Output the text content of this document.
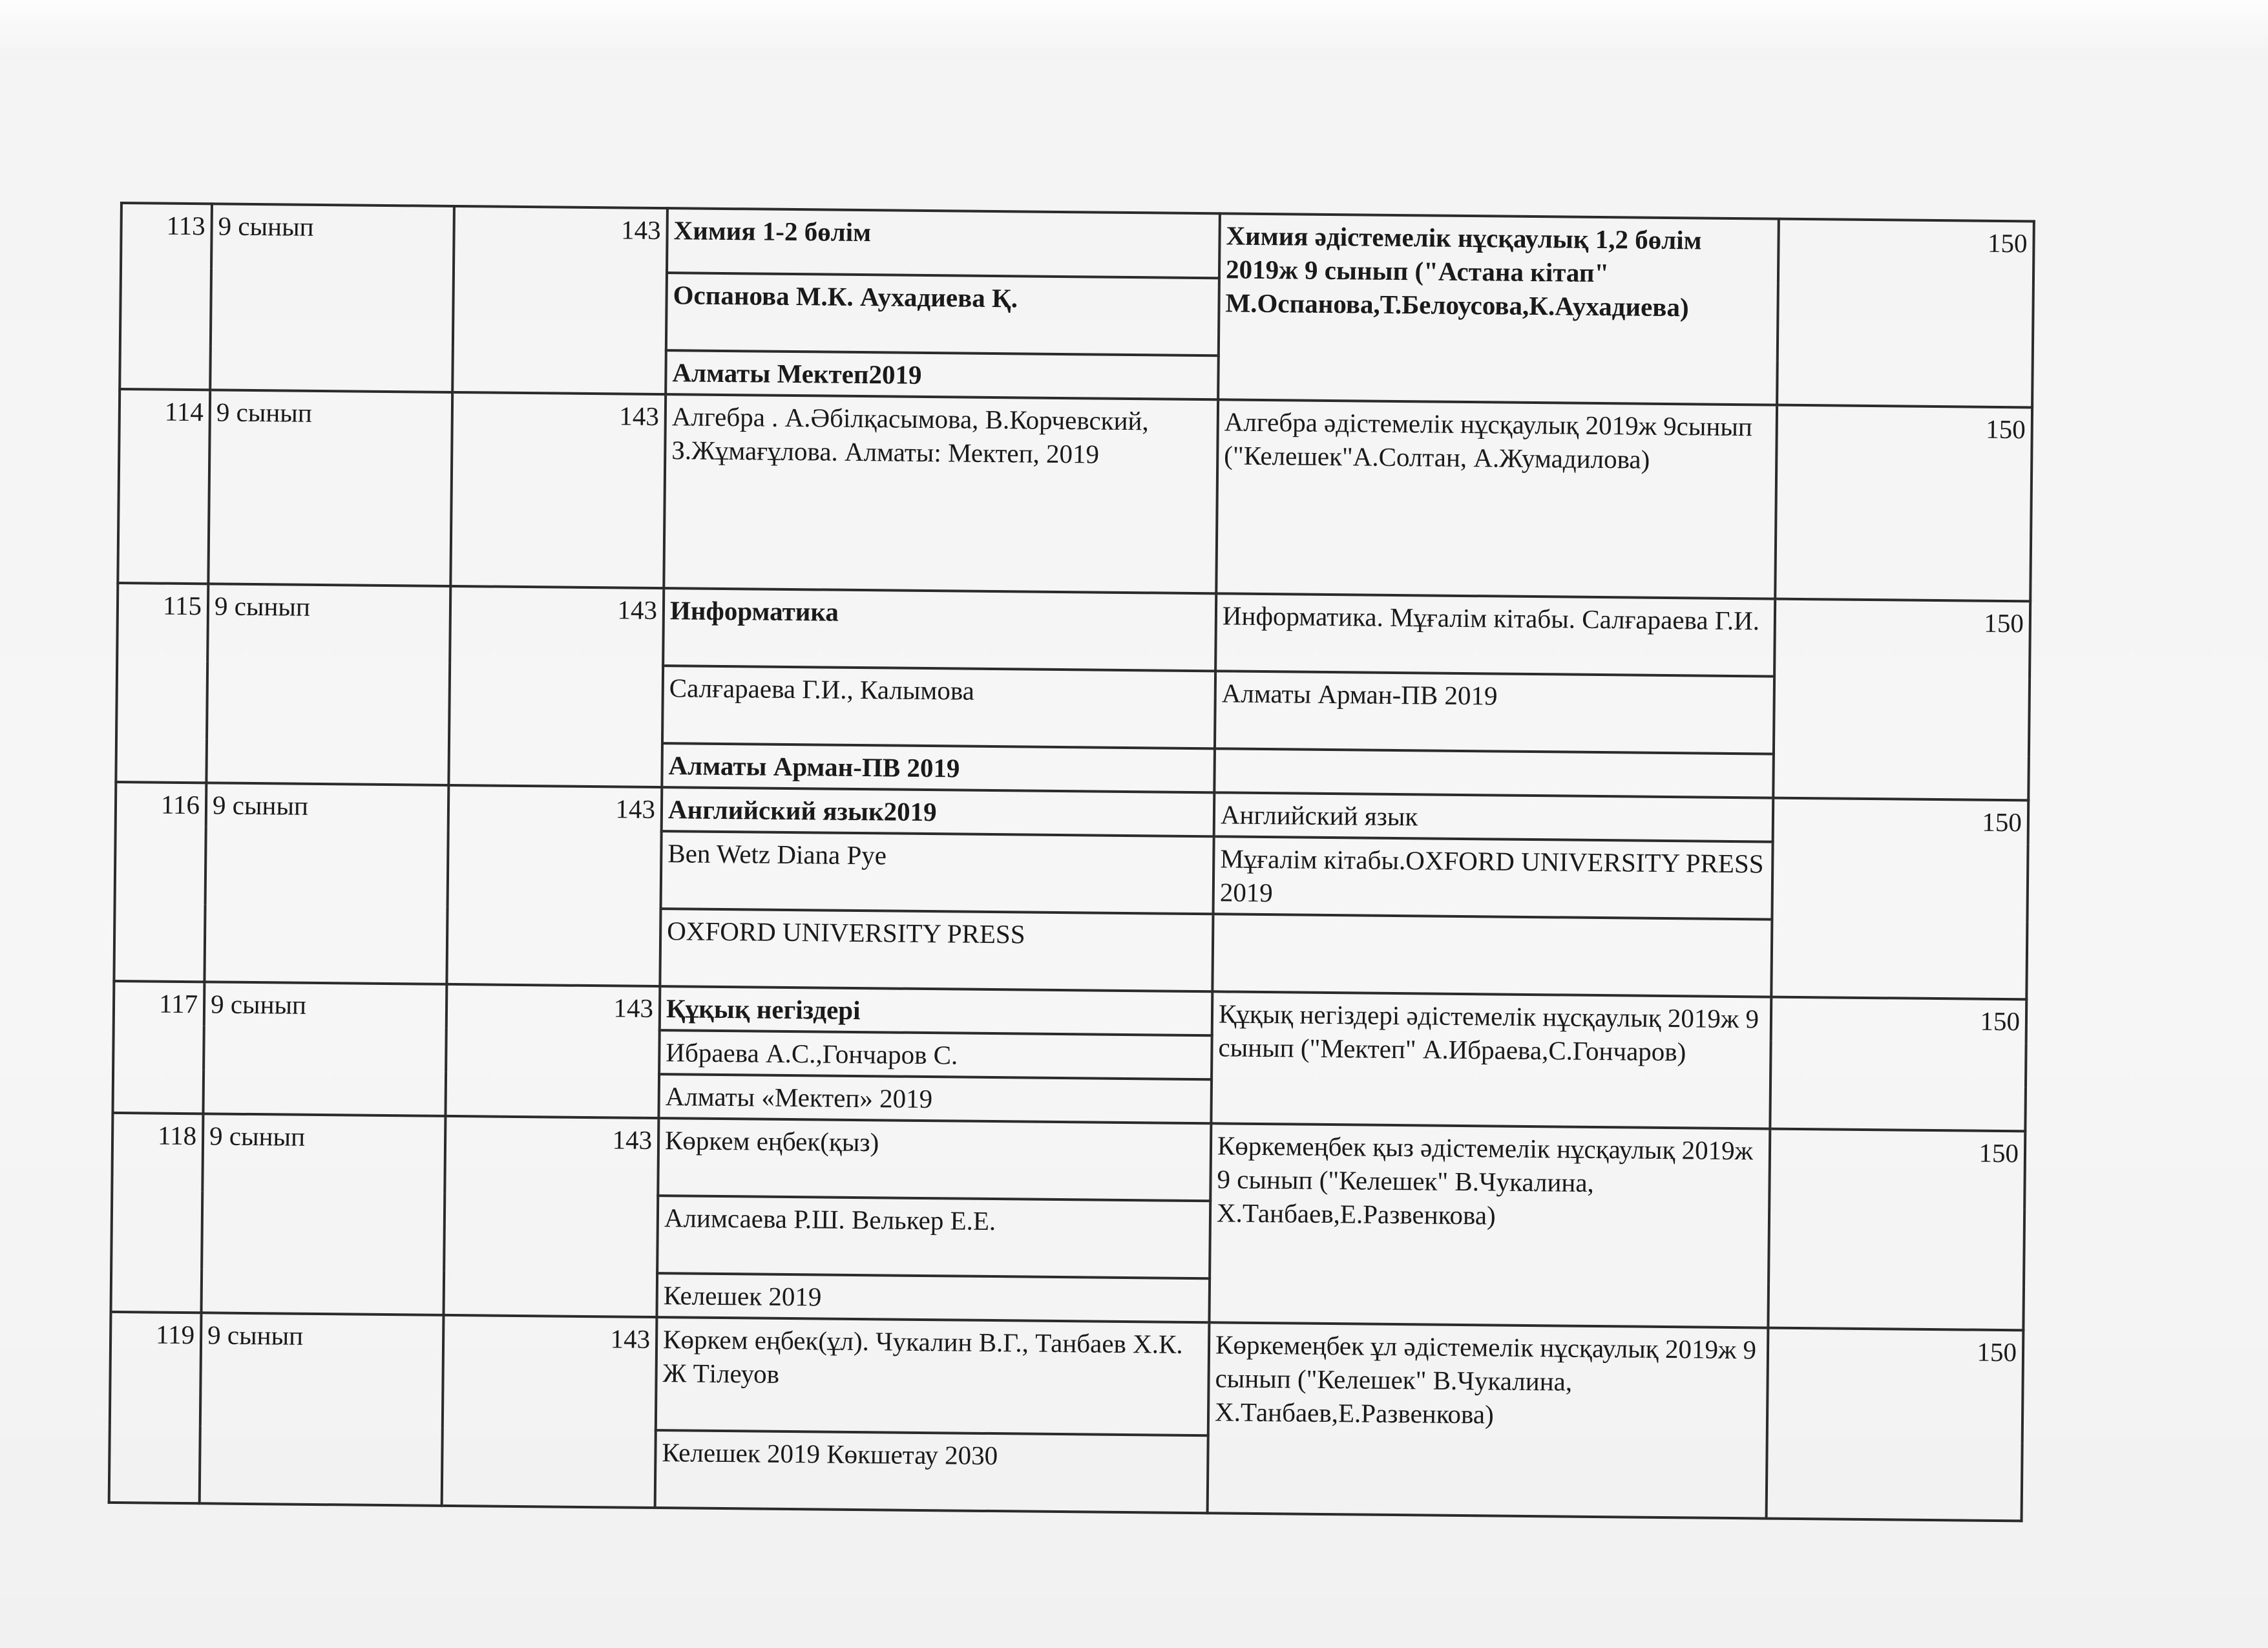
113	9 сынып	143	Химия 1-2 бөлім	Химия әдістемелік нұсқаулық 1,2 бөлім 2019ж 9 сынып ("Астана кітап" М.Оспанова,Т.Белоусова,К.Аухадиева)	150
			Оспанова М.К. Аухадиева Қ.		
			Алматы Мектеп2019		
114	9 сынып	143	Алгебра . А.Әбілқасымова, В.Корчевский, З.Жұмағұлова. Алматы: Мектеп, 2019	Алгебра әдістемелік нұсқаулық 2019ж 9сынып ("Келешек"А.Солтан, А.Жумадилова)	150
115	9 сынып	143	Информатика	Информатика. Мұғалім кітабы. Салғараева Г.И.	150
			Салғараева Г.И., Калымова	Алматы Арман-ПВ 2019	
			Алматы Арман-ПВ 2019		
116	9 сынып	143	Английский язык2019	Английский язык	150
			Ben Wetz Diana Pye	Мұғалім кітабы.OXFORD UNIVERSITY PRESS 2019	
			OXFORD UNIVERSITY PRESS		
117	9 сынып	143	Құқық негіздері	Құқық негіздері әдістемелік нұсқаулық 2019ж 9 сынып ("Мектеп" А.Ибраева,С.Гончаров)	150
			Ибраева А.С.,Гончаров С.		
			Алматы «Мектеп» 2019		
118	9 сынып	143	Көркем еңбек(қыз)	Көркемеңбек қыз әдістемелік нұсқаулық 2019ж 9 сынып ("Келешек" В.Чукалина, Х.Танбаев,Е.Развенкова)	150
			Алимсаева Р.Ш. Велькер Е.Е.		
			Келешек 2019		
119	9 сынып	143	Көркем еңбек(ұл). Чукалин В.Г., Танбаев Х.К. Ж Тілеуов	Көркемеңбек ұл әдістемелік нұсқаулық 2019ж 9 сынып ("Келешек" В.Чукалина, Х.Танбаев,Е.Развенкова)	150
			Келешек 2019 Көкшетау 2030		
